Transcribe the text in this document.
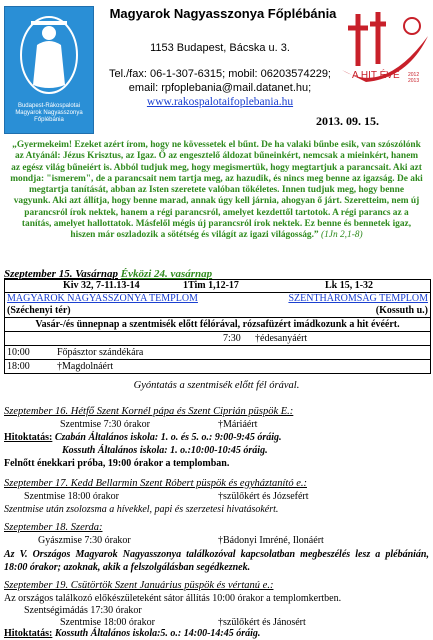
Budapest-Rákospalotai Magyarok Nagyasszonya Főplébánia
A HIT ÉVE 2012 2013
Magyarok Nagyasszonya Főplébánia
1153 Budapest, Bácska u. 3.
Tel./fax: 06-1-307-6315; mobil: 06203574229;
email: rpfoplebania@mail.datanet.hu;
www.rakospalotaifoplebania.hu
2013. 09. 15.
„Gyermekeim! Ezeket azért írom, hogy ne kövessetek el bűnt. De ha valaki bűnbe esik, van szószólónk az Atyánál: Jézus Krisztus, az Igaz. Ő az engesztelő áldozat bűneinkért, nemcsak a mieinkért, hanem az egész világ bűneiért is. Abból tudjuk meg, hogy megismertük, hogy megtartjuk a parancsait. Aki azt mondja: "ismerem", de a parancsait nem tartja meg, az hazudik, és nincs meg benne az igazság. De aki megtartja tanítását, abban az Isten szeretete valóban tökéletes. Innen tudjuk meg, hogy benne vagyunk. Aki azt állítja, hogy benne marad, annak úgy kell járnia, ahogyan ő járt. Szeretteim, nem új parancsról írok nektek, hanem a régi parancsról, amelyet kezdettől tartotok. A régi parancs az a tanítás, amelyet hallottatok. Másfelől mégis új parancsról írok nektek. Ez benne és bennetek igaz, hiszen már oszladozik a sötétség és világít az igazi világosság.” (1Jn 2,1-8)
Szeptember 15. Vasárnap Évközi 24. vasárnap
Kiv 32, 7-11.13-14	1Tim 1,12-17	Lk 15, 1-32
MAGYAROK NAGYASSZONYA TEMPLOM
(Széchenyi tér)
SZENTHÁROMSÁG TEMPLOM
(Kossuth u.)
Vasár-/és ünnepnap a szentmisék előtt félórával, rózsafüzért imádkozunk a hit évéért.
7:30 †édesanyáért
10:00	Főpásztor szándékára
18:00	†Magdolnáért
Gyóntatás a szentmisék előtt fél órával.
Szeptember 16. Hétfő Szent Kornél pápa és Szent Ciprián püspök E.:
Szentmise 7:30 órakor	†Máriáért
Hitoktatás: Czabán Általános iskola: 1. o. és 5. o.: 9:00-9:45 óráig.
Kossuth Általános iskola: 1. o.:10:00-10:45 óráig.
Felnőtt énekkari próba, 19:00 órakor a templomban.
Szeptember 17. Kedd Bellarmin Szent Róbert püspök és egyháztanító e.:
Szentmise 18:00 órakor	†szülőkért és Józsefért
Szentmise után zsolozsma a hívekkel, papi és szerzetesi hivatásokért.
Szeptember 18. Szerda:
Gyászmise 7:30 órakor	†Bádonyi Imréné, Ilonáért
Az V. Országos Magyarok Nagyasszonya találkozóval kapcsolatban megbeszélés lesz a plébánián, 18:00 órakor; azoknak, akik a felszolgálásban segédkeznek.
Szeptember 19. Csütörtök Szent Januárius püspök és vértanú e.:
Az országos találkozó előkészületeként sátor állítás 10:00 órakor a templomkertben.
Szentségimádás 17:30 órakor
Szentmise 18:00 órakor	†szülőkért és Jánosért
Hitoktatás: Kossuth Általános iskola:5. o.: 14:00-14:45 óráig.
